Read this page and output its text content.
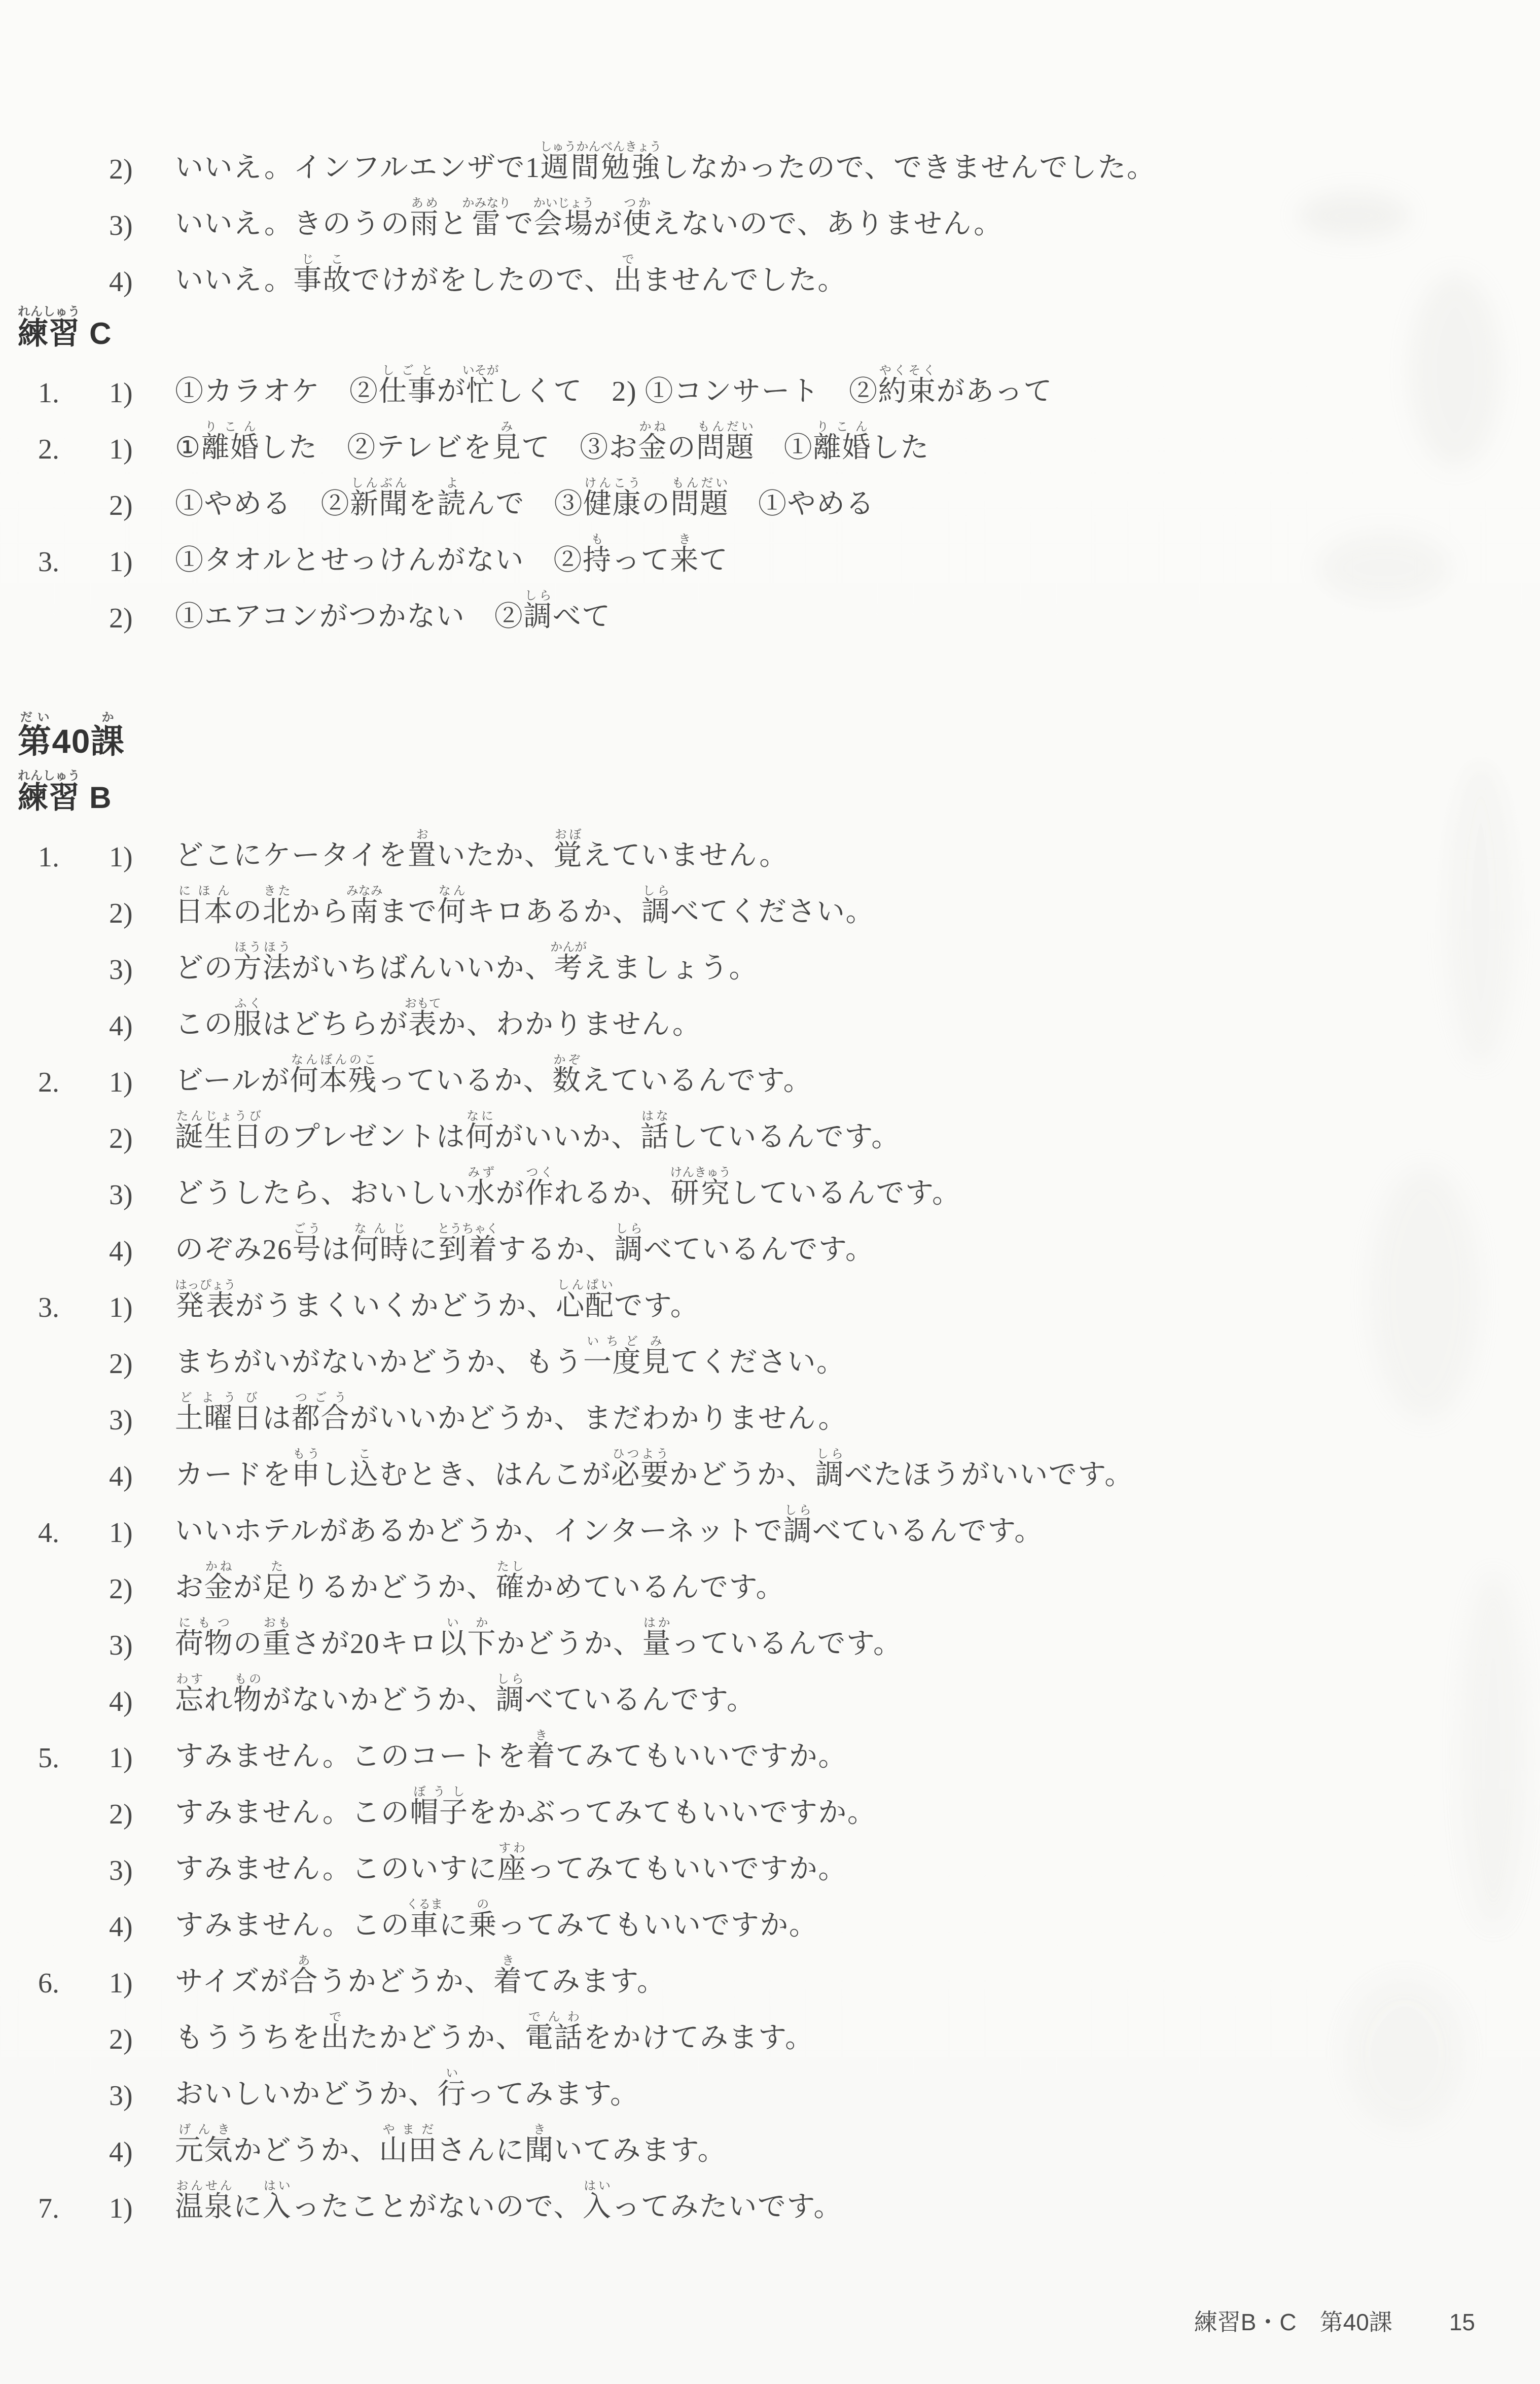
2)	いいえ。インフルエンザで1週間しゅうかん勉強べんきょうしなかったので、できませんでした。
3)	いいえ。きのうの雨あめと雷かみなりで会場かいじょうが使つかえないので、ありません。
4)	いいえ。事故じこでけがをしたので、出でませんでした。
練習れんしゅう C
1.	1)	①カラオケ　②仕事しごとが忙いそがしくて　2) ①コンサート　②約束やくそくがあって
2.	1)	①離婚りこんした　②テレビを見みて　③お金かねの問題もんだい　①離婚りこんした
2)	①やめる　②新聞しんぶんを読よんで　③健康けんこうの問題もんだい　①やめる
3.	1)	①タオルとせっけんがない　②持もって来きて
2)	①エアコンがつかない　②調しらべて
第だい40課か
練習れんしゅう B
1.	1)	どこにケータイを置おいたか、覚おぼえていません。
2)	日本にほんの北きたから南みなみまで何なんキロあるか、調しらべてください。
3)	どの方法ほうほうがいちばんいいか、考かんがえましょう。
4)	この服ふくはどちらが表おもてか、わかりません。
2.	1)	ビールが何本残なんぼんのこっているか、数かぞえているんです。
2)	誕生日たんじょうびのプレゼントは何なにがいいか、話はなしているんです。
3)	どうしたら、おいしい水みずが作つくれるか、研究けんきゅうしているんです。
4)	のぞみ26号ごうは何時なんじに到着とうちゃくするか、調しらべているんです。
3.	1)	発表はっぴょうがうまくいくかどうか、心配しんぱいです。
2)	まちがいがないかどうか、もう一度いちど見みてください。
3)	土曜日どようびは都合つごうがいいかどうか、まだわかりません。
4)	カードを申もうし込こむとき、はんこが必要ひつようかどうか、調しらべたほうがいいです。
4.	1)	いいホテルがあるかどうか、インターネットで調しらべているんです。
2)	お金かねが足たりるかどうか、確たしかめているんです。
3)	荷物にもつの重おもさが20キロ以下いかかどうか、量はかっているんです。
4)	忘わすれ物ものがないかどうか、調しらべているんです。
5.	1)	すみません。このコートを着きてみてもいいですか。
2)	すみません。この帽子ぼうしをかぶってみてもいいですか。
3)	すみません。このいすに座すわってみてもいいですか。
4)	すみません。この車くるまに乗のってみてもいいですか。
6.	1)	サイズが合あうかどうか、着きてみます。
2)	もううちを出でたかどうか、電話でんわをかけてみます。
3)	おいしいかどうか、行いってみます。
4)	元気げんきかどうか、山田やまださんに聞きいてみます。
7.	1)	温泉おんせんに入はいったことがないので、入はいってみたいです。
練習B・C　第40課 15
